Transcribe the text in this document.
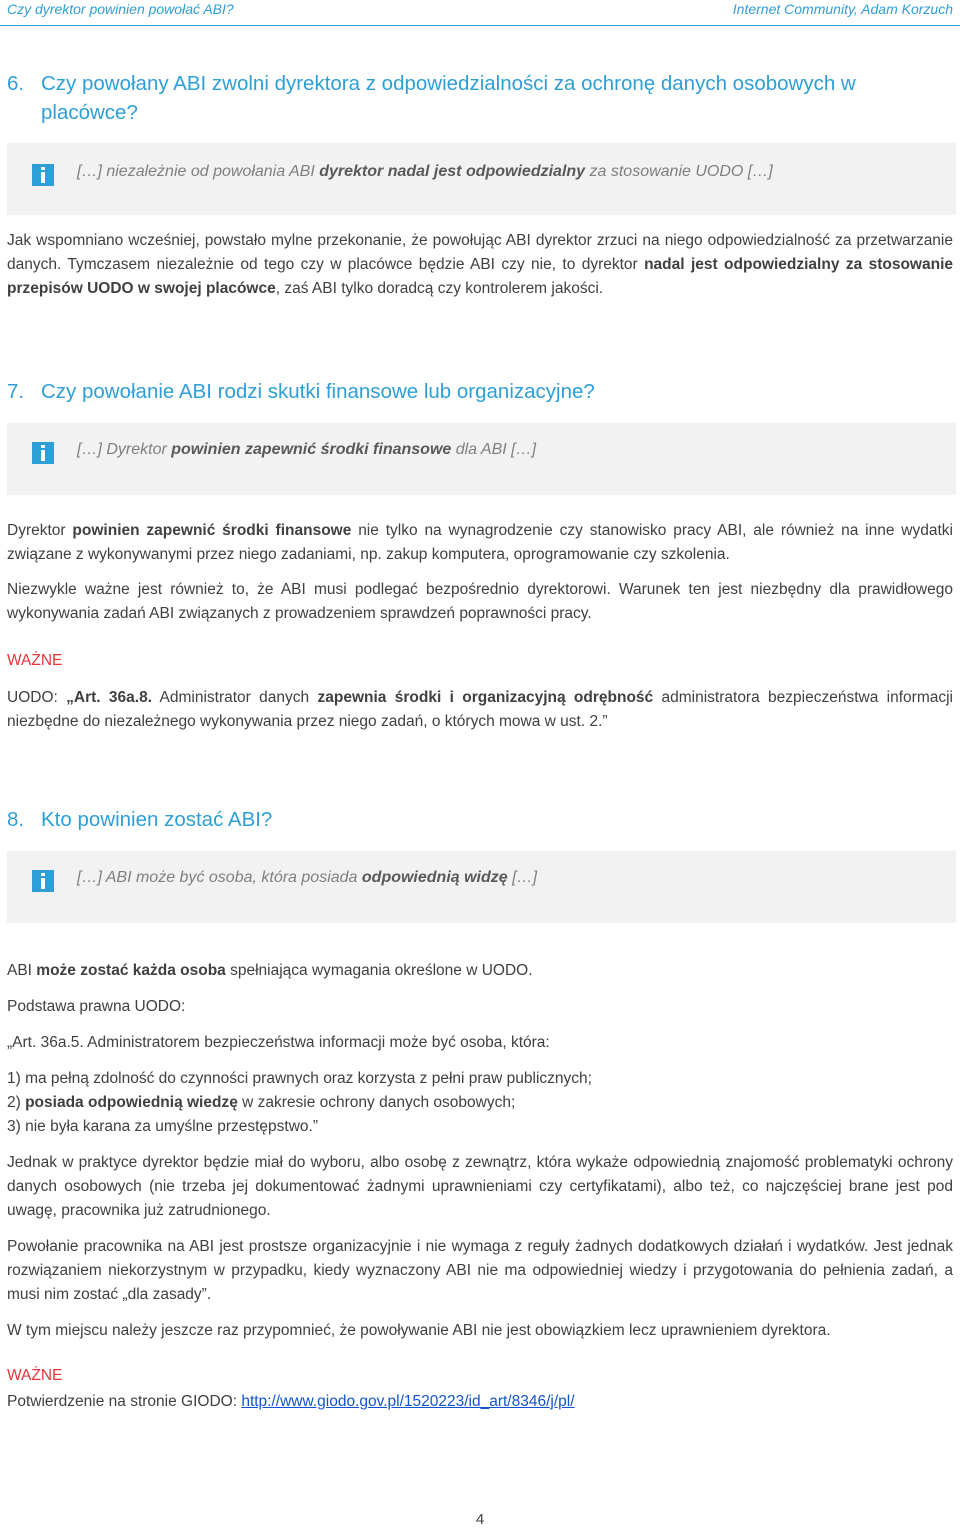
Czy dyrektor powinien powołać ABI?	Internet Community, Adam Korzuch
6. Czy powołany ABI zwolni dyrektora z odpowiedzialności za ochronę danych osobowych w
placówce?
[…] niezależnie od powołania ABI dyrektor nadal jest odpowiedzialny za stosowanie UODO […]
Jak wspomniano wcześniej, powstało mylne przekonanie, że powołując ABI dyrektor zrzuci na niego odpowiedzialność za przetwarzanie danych. Tymczasem niezależnie od tego czy w placówce będzie ABI czy nie, to dyrektor nadal jest odpowiedzialny za stosowanie przepisów UODO w swojej placówce, zaś ABI tylko doradcą czy kontrolerem jakości.
7. Czy powołanie ABI rodzi skutki finansowe lub organizacyjne?
[…] Dyrektor powinien zapewnić środki finansowe dla ABI […]
Dyrektor powinien zapewnić środki finansowe nie tylko na wynagrodzenie czy stanowisko pracy ABI, ale również na inne wydatki związane z wykonywanymi przez niego zadaniami, np. zakup komputera, oprogramowanie czy szkolenia.
Niezwykle ważne jest również to, że ABI musi podlegać bezpośrednio dyrektorowi. Warunek ten jest niezbędny dla prawidłowego wykonywania zadań ABI związanych z prowadzeniem sprawdzeń poprawności pracy.
WAŻNE
UODO: „Art. 36a.8. Administrator danych zapewnia środki i organizacyjną odrębność administratora bezpieczeństwa informacji niezbędne do niezależnego wykonywania przez niego zadań, o których mowa w ust. 2.”
8. Kto powinien zostać ABI?
[…] ABI może być osoba, która posiada odpowiednią widzę […]
ABI może zostać każda osoba spełniająca wymagania określone w UODO.
Podstawa prawna UODO:
„Art. 36a.5. Administratorem bezpieczeństwa informacji może być osoba, która:
1) ma pełną zdolność do czynności prawnych oraz korzysta z pełni praw publicznych;
2) posiada odpowiednią wiedzę w zakresie ochrony danych osobowych;
3) nie była karana za umyślne przestępstwo.”
Jednak w praktyce dyrektor będzie miał do wyboru, albo osobę z zewnątrz, która wykaże odpowiednią znajomość problematyki ochrony danych osobowych (nie trzeba jej dokumentować żadnymi uprawnieniami czy certyfikatami), albo też, co najczęściej brane jest pod uwagę, pracownika już zatrudnionego.
Powołanie pracownika na ABI jest prostsze organizacyjnie i nie wymaga z reguły żadnych dodatkowych działań i wydatków. Jest jednak rozwiązaniem niekorzystnym w przypadku, kiedy wyznaczony ABI nie ma odpowiedniej wiedzy i przygotowania do pełnienia zadań, a musi nim zostać „dla zasady”.
W tym miejscu należy jeszcze raz przypomnieć, że powoływanie ABI nie jest obowiązkiem lecz uprawnieniem dyrektora.
WAŻNE
Potwierdzenie na stronie GIODO: http://www.giodo.gov.pl/1520223/id_art/8346/j/pl/
4
